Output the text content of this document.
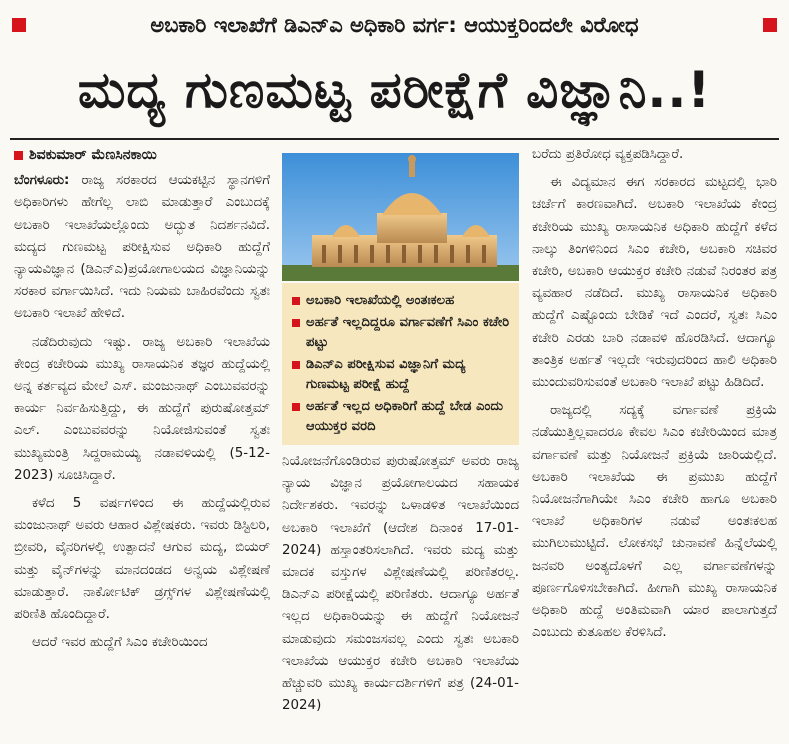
ಅಬಕಾರಿ ಇಲಾಖೆಗೆ ಡಿಎನ್ಎ ಅಧಿಕಾರಿ ವರ್ಗ: ಆಯುಕ್ತರಿಂದಲೇ ವಿರೋಧ
ಮದ್ಯ ಗುಣಮಟ್ಟ ಪರೀಕ್ಷೆಗೆ ವಿಜ್ಞಾನಿ..!
ಶಿವಕುಮಾರ್ ಮೆಣಸಿನಕಾಯಿ

ಬೆಂಗಳೂರು: ರಾಜ್ಯ ಸರಕಾರದ ಆಯಕಟ್ಟಿನ ಸ್ಥಾನಗಳಿಗೆ ಅಧಿಕಾರಿಗಳು ಹೇಗೆಲ್ಲ ಲಾಬಿ ಮಾಡುತ್ತಾರೆ ಎಂಬುದಕ್ಕೆ ಅಬಕಾರಿ ಇಲಾಖೆಯಲ್ಲೊಂದು ಅದ್ಭುತ ನಿದರ್ಶನವಿದೆ. ಮದ್ಯದ ಗುಣಮಟ್ಟ ಪರೀಕ್ಷಿಸುವ ಅಧಿಕಾರಿ ಹುದ್ದೆಗೆ ನ್ಯಾಯವಿಜ್ಞಾನ (ಡಿಎನ್ಎ)ಪ್ರಯೋಗಾಲಯದ ವಿಜ್ಞಾನಿಯನ್ನು ಸರಕಾರ ವರ್ಗಾಯಿಸಿದೆ. ಇದು ನಿಯಮ ಬಾಹಿರವೆಂದು ಸ್ವತಃ ಅಬಕಾರಿ ಇಲಾಖೆ ಹೇಳಿದೆ.

ನಡೆದಿರುವುದು ಇಷ್ಟು. ರಾಜ್ಯ ಅಬಕಾರಿ ಇಲಾಖೆಯ ಕೇಂದ್ರ ಕಚೇರಿಯ ಮುಖ್ಯ ರಾಸಾಯನಿಕ ತಜ್ಞರ ಹುದ್ದೆಯಲ್ಲಿ ಅನ್ನ ಕರ್ತವ್ಯದ ಮೇಲೆ ಎಸ್. ಮಂಜುನಾಥ್ ಎಂಬುವವರನ್ನು ಕಾರ್ಯ ನಿರ್ವಹಿಸುತ್ತಿದ್ದು, ಈ ಹುದ್ದೆಗೆ ಪುರುಷೋತ್ತಮ್ ಎಲ್. ಎಂಬುವವರನ್ನು ನಿಯೋಜಿಸುವಂತೆ ಸ್ವತಃ ಮುಖ್ಯಮಂತ್ರಿ ಸಿದ್ದರಾಮಯ್ಯ ನಡಾವಳಿಯಲ್ಲಿ (5-12-2023) ಸೂಚಿಸಿದ್ದಾರೆ.

ಕಳೆದ 5 ವರ್ಷಗಳಿಂದ ಈ ಹುದ್ದೆಯಲ್ಲಿರುವ ಮಂಜುನಾಥ್ ಅವರು ಆಹಾರ ವಿಶ್ಲೇಷಕರು. ಇವರು ಡಿಸ್ಟಿಲರಿ, ಬ್ರೀವರಿ, ವೈನರಿಗಳಲ್ಲಿ ಉತ್ಪಾದನೆ ಆಗುವ ಮದ್ಯ, ಬಿಯರ್ ಮತ್ತು ವೈನ್‌ಗಳನ್ನು ಮಾನದಂಡದ ಅನ್ವಯ ವಿಶ್ಲೇಷಣೆ ಮಾಡುತ್ತಾರೆ. ನಾರ್ಕೋಟಿಕ್ ಡ್ರಗ್ಸ್‌ಗಳ ವಿಶ್ಲೇಷಣೆಯಲ್ಲಿ ಪರಿಣಿತಿ ಹೊಂದಿದ್ದಾರೆ.

ಆದರೆ ಇವರ ಹುದ್ದೆಗೆ ಸಿಎಂ ಕಚೇರಿಯಿಂದ

ಅಬಕಾರಿ ಇಲಾಖೆಯಲ್ಲಿ ಅಂತಃಕಲಹ
ಅರ್ಹತೆ ಇಲ್ಲದಿದ್ದರೂ ವರ್ಗಾವಣೆಗೆ ಸಿಎಂ ಕಚೇರಿ ಪಟ್ಟು
ಡಿಎನ್ಎ ಪರೀಕ್ಷಿಸುವ ವಿಜ್ಞಾನಿಗೆ ಮದ್ಯ ಗುಣಮಟ್ಟ ಪರೀಕ್ಷೆ ಹುದ್ದೆ
ಅರ್ಹತೆ ಇಲ್ಲದ ಅಧಿಕಾರಿಗೆ ಹುದ್ದೆ ಬೇಡ ಎಂದು ಆಯುಕ್ತರ ವರದಿ

ನಿಯೋಜನೆಗೊಂಡಿರುವ ಪುರುಷೋತ್ತಮ್ ಅವರು ರಾಜ್ಯ ನ್ಯಾಯ ವಿಜ್ಞಾನ ಪ್ರಯೋಗಾಲಯದ ಸಹಾಯಕ ನಿರ್ದೇಶಕರು. ಇವರನ್ನು ಒಳಾಡಳಿತ ಇಲಾಖೆಯಿಂದ ಅಬಕಾರಿ ಇಲಾಖೆಗೆ (ಆದೇಶ ದಿನಾಂಕ 17-01-2024) ಹಸ್ತಾಂತರಿಸಲಾಗಿದೆ. ಇವರು ಮದ್ಯ ಮತ್ತು ಮಾದಕ ವಸ್ತುಗಳ ವಿಶ್ಲೇಷಣೆಯಲ್ಲಿ ಪರಿಣಿತರಲ್ಲ. ಡಿಎನ್ಎ ಪರೀಕ್ಷೆಯಲ್ಲಿ ಪರಿಣಿತರು. ಆದಾಗ್ಯೂ ಅರ್ಹತೆ ಇಲ್ಲದ ಅಧಿಕಾರಿಯನ್ನು ಈ ಹುದ್ದೆಗೆ ನಿಯೋಜನೆ ಮಾಡುವುದು ಸಮಂಜಸವಲ್ಲ ಎಂದು ಸ್ವತಃ ಅಬಕಾರಿ ಇಲಾಖೆಯ ಆಯುಕ್ತರ ಕಚೇರಿ ಅಬಕಾರಿ ಇಲಾಖೆಯ ಹೆಚ್ಚುವರಿ ಮುಖ್ಯ ಕಾರ್ಯದರ್ಶಿಗಳಿಗೆ ಪತ್ರ (24-01-2024)

ಬರೆದು ಪ್ರತಿರೋಧ ವ್ಯಕ್ತಪಡಿಸಿದ್ದಾರೆ.

ಈ ವಿದ್ಯಮಾನ ಈಗ ಸರಕಾರದ ಮಟ್ಟದಲ್ಲಿ ಭಾರಿ ಚರ್ಚೆಗೆ ಕಾರಣವಾಗಿದೆ. ಅಬಕಾರಿ ಇಲಾಖೆಯ ಕೇಂದ್ರ ಕಚೇರಿಯ ಮುಖ್ಯ ರಾಸಾಯನಿಕ ಅಧಿಕಾರಿ ಹುದ್ದೆಗೆ ಕಳೆದ ನಾಲ್ಕು ತಿಂಗಳಿನಿಂದ ಸಿಎಂ ಕಚೇರಿ, ಅಬಕಾರಿ ಸಚಿವರ ಕಚೇರಿ, ಅಬಕಾರಿ ಆಯುಕ್ತರ ಕಚೇರಿ ನಡುವೆ ನಿರಂತರ ಪತ್ರ ವ್ಯವಹಾರ ನಡೆದಿದೆ. ಮುಖ್ಯ ರಾಸಾಯನಿಕ ಅಧಿಕಾರಿ ಹುದ್ದೆಗೆ ಎಷ್ಟೊಂದು ಬೇಡಿಕೆ ಇದೆ ಎಂದರೆ, ಸ್ವತಃ ಸಿಎಂ ಕಚೇರಿ ಎರಡು ಬಾರಿ ನಡಾವಳಿ ಹೊರಡಿಸಿದೆ. ಆದಾಗ್ಯೂ ತಾಂತ್ರಿಕ ಅರ್ಹತೆ ಇಲ್ಲದೇ ಇರುವುದರಿಂದ ಹಾಲಿ ಅಧಿಕಾರಿ ಮುಂದುವರಿಸುವಂತೆ ಅಬಕಾರಿ ಇಲಾಖೆ ಪಟ್ಟು ಹಿಡಿದಿದೆ.

ರಾಜ್ಯದಲ್ಲಿ ಸದ್ಯಕ್ಕೆ ವರ್ಗಾವಣೆ ಪ್ರಕ್ರಿಯೆ ನಡೆಯುತ್ತಿಲ್ಲವಾದರೂ ಕೇವಲ ಸಿಎಂ ಕಚೇರಿಯಿಂದ ಮಾತ್ರ ವರ್ಗಾವಣೆ ಮತ್ತು ನಿಯೋಜನೆ ಪ್ರಕ್ರಿಯೆ ಜಾರಿಯಲ್ಲಿದೆ. ಅಬಕಾರಿ ಇಲಾಖೆಯ ಈ ಪ್ರಮುಖ ಹುದ್ದೆಗೆ ನಿಯೋಜನೆಗಾಗಿಯೇ ಸಿಎಂ ಕಚೇರಿ ಹಾಗೂ ಅಬಕಾರಿ ಇಲಾಖೆ ಅಧಿಕಾರಿಗಳ ನಡುವೆ ಅಂತಃಕಲಹ ಮುಗಿಲುಮುಟ್ಟಿದೆ. ಲೋಕಸಭೆ ಚುನಾವಣೆ ಹಿನ್ನೆಲೆಯಲ್ಲಿ ಜನವರಿ ಅಂತ್ಯದೊಳಗೆ ಎಲ್ಲ ವರ್ಗಾವಣೆಗಳನ್ನು ಪೂರ್ಣಗೊಳಿಸಬೇಕಾಗಿದೆ. ಹೀಗಾಗಿ ಮುಖ್ಯ ರಾಸಾಯನಿಕ ಅಧಿಕಾರಿ ಹುದ್ದೆ ಅಂತಿಮವಾಗಿ ಯಾರ ಪಾಲಾಗುತ್ತದೆ ಎಂಬುದು ಕುತೂಹಲ ಕೆರಳಿಸಿದೆ.
